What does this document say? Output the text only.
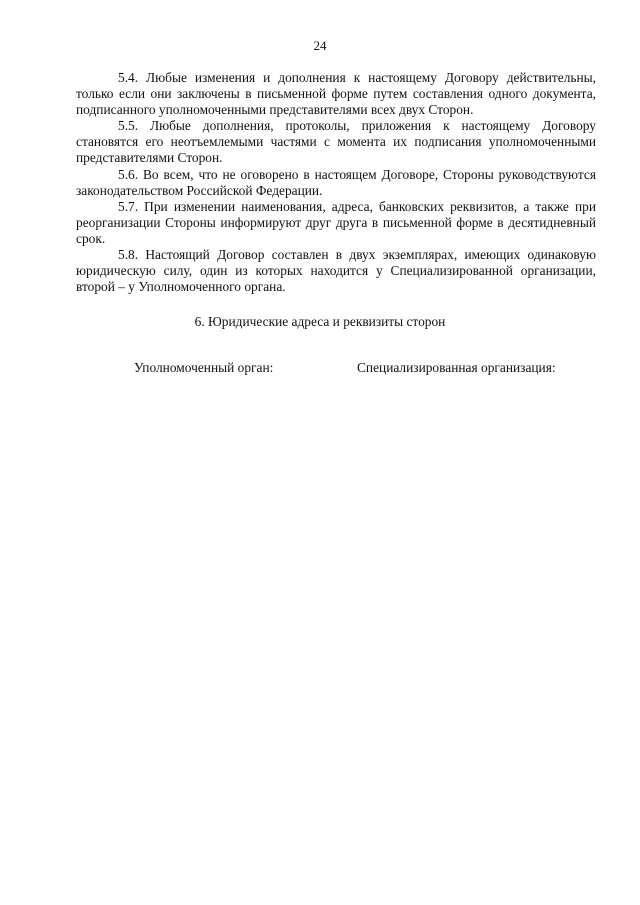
24

5.4. Любые изменения и дополнения к настоящему Договору действительны, только если они заключены в письменной форме путем составления одного документа, подписанного уполномоченными представителями всех двух Сторон.

5.5. Любые дополнения, протоколы, приложения к настоящему Договору становятся его неотъемлемыми частями с момента их подписания уполномоченными представителями Сторон.

5.6. Во всем, что не оговорено в настоящем Договоре, Стороны руководствуются законодательством Российской Федерации.

5.7. При изменении наименования, адреса, банковских реквизитов, а также при реорганизации Стороны информируют друг друга в письменной форме в десятидневный срок.

5.8. Настоящий Договор составлен в двух экземплярах, имеющих одинаковую юридическую силу, один из которых находится у Специализированной организации, второй – у Уполномоченного органа.

6. Юридические адреса и реквизиты сторон
Уполномоченный орган:	Специализированная организация:
